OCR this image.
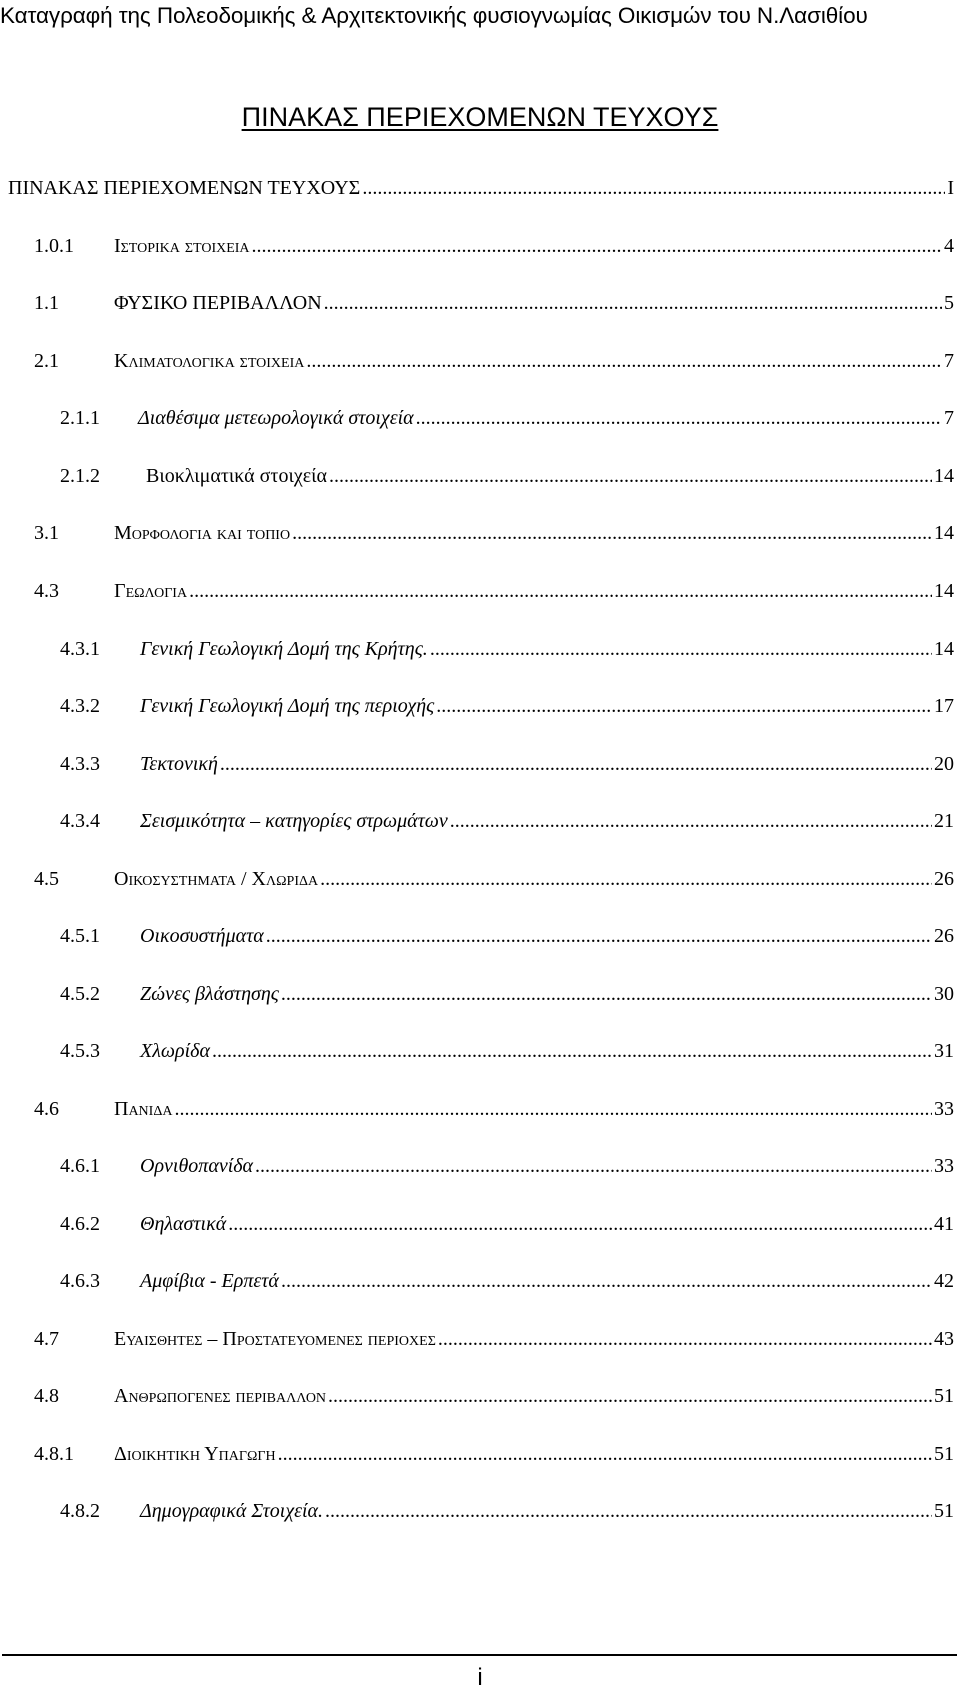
Καταγραφή της Πολεοδομικής & Αρχιτεκτονικής φυσιογνωμίας Οικισμών του Ν.Λασιθίου
ΠΙΝΑΚΑΣ ΠΕΡΙΕΧΟΜΕΝΩΝ ΤΕΥΧΟΥΣ
ΠΙΝΑΚΑΣ ΠΕΡΙΕΧΟΜΕΝΩΝ ΤΕΥΧΟΥΣ .....	I
1.0.1	Ιστορικα στοιχεια .....	4
1.1	ΦΥΣΙΚΟ ΠΕΡΙΒΑΛΛΟΝ .....	5
2.1	Κλιματολογικα στοιχεια .....	7
2.1.1	Διαθέσιμα μετεωρολογικά στοιχεία .....	7
2.1.2	Βιοκλιματικά στοιχεία .....	14
3.1	Μορφολογια και τοπιο .....	14
4.3	Γεωλογια .....	14
4.3.1	Γενική Γεωλογική Δομή της Κρήτης. .....	14
4.3.2	Γενική Γεωλογική Δομή της περιοχής .....	17
4.3.3	Τεκτονική .....	20
4.3.4	Σεισμικότητα – κατηγορίες στρωμάτων .....	21
4.5	Οικοσυστηματα / Χλωριδα .....	26
4.5.1	Οικοσυστήματα .....	26
4.5.2	Ζώνες βλάστησης .....	30
4.5.3	Χλωρίδα .....	31
4.6	Πανιδα .....	33
4.6.1	Ορνιθοπανίδα .....	33
4.6.2	Θηλαστικά .....	41
4.6.3	Αμφίβια - Ερπετά .....	42
4.7	Ευαισθητες – Προστατευομενες περιοχες .....	43
4.8	Ανθρωπογενες περιβαλλον .....	51
4.8.1	Διοικητικη Υπαγωγη .....	51
4.8.2	Δημογραφικά Στοιχεία. .....	51
i
